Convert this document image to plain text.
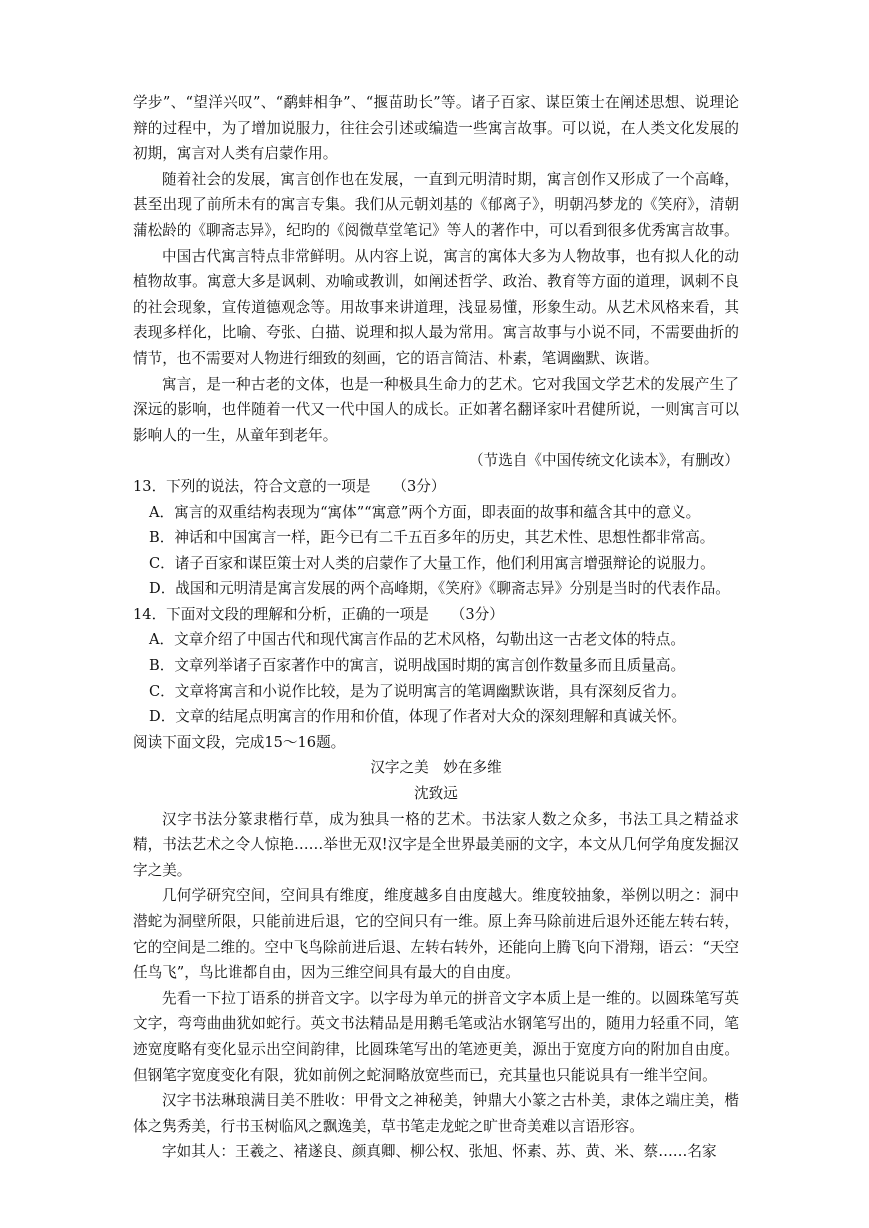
学步”、“望洋兴叹”、“鹬蚌相争”、“揠苗助长”等。诸子百家、谋臣策士在阐述思想、说理论辩的过程中，为了增加说服力，往往会引述或编造一些寓言故事。可以说，在人类文化发展的初期，寓言对人类有启蒙作用。

随着社会的发展，寓言创作也在发展，一直到元明清时期，寓言创作又形成了一个高峰，甚至出现了前所未有的寓言专集。我们从元朝刘基的《郁离子》，明朝冯梦龙的《笑府》，清朝蒲松龄的《聊斋志异》，纪昀的《阅微草堂笔记》等人的著作中，可以看到很多优秀寓言故事。

中国古代寓言特点非常鲜明。从内容上说，寓言的寓体大多为人物故事，也有拟人化的动植物故事。寓意大多是讽刺、劝喻或教训，如阐述哲学、政治、教育等方面的道理，讽刺不良的社会现象，宣传道德观念等。用故事来讲道理，浅显易懂，形象生动。从艺术风格来看，其表现多样化，比喻、夸张、白描、说理和拟人最为常用。寓言故事与小说不同，不需要曲折的情节，也不需要对人物进行细致的刻画，它的语言简洁、朴素，笔调幽默、诙谐。

寓言，是一种古老的文体，也是一种极具生命力的艺术。它对我国文学艺术的发展产生了深远的影响，也伴随着一代又一代中国人的成长。正如著名翻译家叶君健所说，一则寓言可以影响人的一生，从童年到老年。

（节选自《中国传统文化读本》，有删改）

13．下列的说法，符合文意的一项是　　（3分）

A．寓言的双重结构表现为“寓体”“寓意”两个方面，即表面的故事和蕴含其中的意义。

B．神话和中国寓言一样，距今已有二千五百多年的历史，其艺术性、思想性都非常高。

C．诸子百家和谋臣策士对人类的启蒙作了大量工作，他们利用寓言增强辩论的说服力。

D．战国和元明清是寓言发展的两个高峰期，《笑府》《聊斋志异》分别是当时的代表作品。

14．下面对文段的理解和分析，正确的一项是　　（3分）

A．文章介绍了中国古代和现代寓言作品的艺术风格，勾勒出这一古老文体的特点。

B．文章列举诸子百家著作中的寓言，说明战国时期的寓言创作数量多而且质量高。

C．文章将寓言和小说作比较，是为了说明寓言的笔调幽默诙谐，具有深刻反省力。

D．文章的结尾点明寓言的作用和价值，体现了作者对大众的深刻理解和真诚关怀。

阅读下面文段，完成15～16题。

汉字之美　妙在多维

沈致远

汉字书法分篆隶楷行草，成为独具一格的艺术。书法家人数之众多，书法工具之精益求精，书法艺术之令人惊艳……举世无双!汉字是全世界最美丽的文字，本文从几何学角度发掘汉字之美。

几何学研究空间，空间具有维度，维度越多自由度越大。维度较抽象，举例以明之：洞中潜蛇为洞壁所限，只能前进后退，它的空间只有一维。原上奔马除前进后退外还能左转右转，它的空间是二维的。空中飞鸟除前进后退、左转右转外，还能向上腾飞向下滑翔，语云：“天空任鸟飞”，鸟比谁都自由，因为三维空间具有最大的自由度。

先看一下拉丁语系的拼音文字。以字母为单元的拼音文字本质上是一维的。以圆珠笔写英文字，弯弯曲曲犹如蛇行。英文书法精品是用鹅毛笔或沾水钢笔写出的，随用力轻重不同，笔迹宽度略有变化显示出空间韵律，比圆珠笔写出的笔迹更美，源出于宽度方向的附加自由度。但钢笔字宽度变化有限，犹如前例之蛇洞略放宽些而已，充其量也只能说具有一维半空间。

汉字书法琳琅满目美不胜收：甲骨文之神秘美，钟鼎大小篆之古朴美，隶体之端庄美，楷体之隽秀美，行书玉树临风之飘逸美，草书笔走龙蛇之旷世奇美难以言语形容。

字如其人：王羲之、褚遂良、颜真卿、柳公权、张旭、怀素、苏、黄、米、蔡……名家
